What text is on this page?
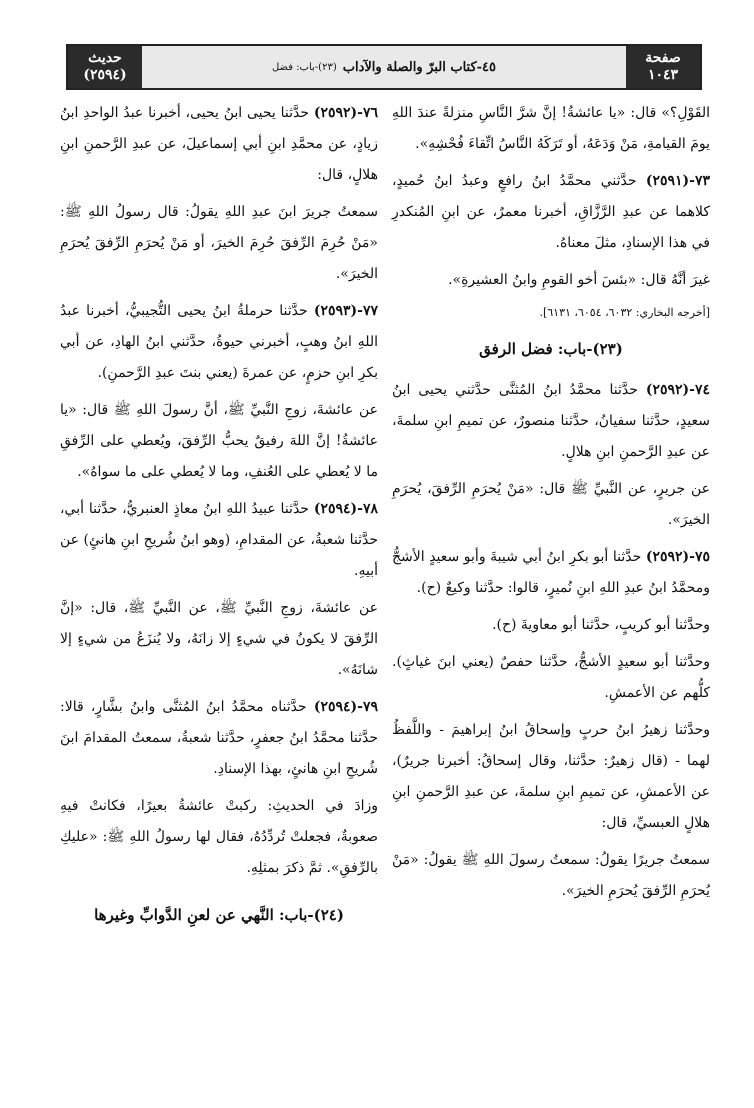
صفحة
١٠٤٣
٤٥-كتاب البرّ والصلة والآداب
(٢٣)-باب: فضل
حديث
(٢٥٩٤)

القَوْلِ؟» قال: «يا عائشةُ! إنَّ شرَّ النَّاسِ منزلةً عندَ اللهِ يومَ القيامةِ، مَنْ وَدَعَهُ، أو تَرَكَهُ النَّاسُ اتِّقاءَ فُحْشِهِ».

٧٣-(٢٥٩١) حدَّثني محمَّدُ ابنُ رافعٍ وعبدُ ابنُ حُميدٍ، كلاهما عن عبدِ الرَّزَّاقِ، أخبرنا معمرٌ، عن ابنِ المُنكدرِ في هذا الإسنادِ، مثلَ معناهُ.

غيرَ أنَّهُ قال: «بئسَ أخو القومِ وابنُ العشيرةِ».

[أخرجه البخاري: ٦٠٣٢، ٦٠٥٤، ٦١٣١].

(٢٣)-باب: فضل الرفق

٧٤-(٢٥٩٢) حدَّثنا محمَّدُ ابنُ المُثنَّى حدَّثني يحيى ابنُ سعيدٍ، حدَّثنا سفيانُ، حدَّثنا منصورٌ، عن تميمِ ابنِ سلمةَ، عن عبدِ الرَّحمنِ ابنِ هلالٍ.

عن جريرٍ، عن النَّبيِّ ﷺ قال: «مَنْ يُحرَمِ الرِّفقَ، يُحرَمِ الخيرَ».

٧٥-(٢٥٩٢) حدَّثنا أبو بكرِ ابنُ أبي شيبةَ وأبو سعيدٍ الأشجُّ ومحمَّدُ ابنُ عبدِ اللهِ ابنِ نُميرٍ، قالوا: حدَّثنا وكيعٌ (ح).

وحدَّثنا أبو كريبٍ، حدَّثنا أبو معاويةَ (ح).

وحدَّثنا أبو سعيدٍ الأشجُّ، حدَّثنا حفصٌ (يعني ابنَ غياثٍ). كلُّهم عن الأعمشِ.

وحدَّثنا زهيرُ ابنُ حربٍ وإسحاقُ ابنُ إبراهيمَ - واللَّفظُ لهما - (قال زهيرٌ: حدَّثنا، وقال إسحاقُ: أخبرنا جريرٌ)، عن الأعمشِ، عن تميمِ ابنِ سلمةَ، عن عبدِ الرَّحمنِ ابنِ هلالٍ العبسيِّ، قال:

سمعتُ جريرًا يقولُ: سمعتُ رسولَ اللهِ ﷺ يقولُ: «مَنْ يُحرَمِ الرِّفقَ يُحرَمِ الخيرَ».

٧٦-(٢٥٩٢) حدَّثنا يحيى ابنُ يحيى، أخبرنا عبدُ الواحدِ ابنُ زيادٍ، عن محمَّدِ ابنِ أبي إسماعيلَ، عن عبدِ الرَّحمنِ ابنِ هلالٍ، قال:

سمعتُ جريرَ ابنَ عبدِ اللهِ يقولُ: قال رسولُ اللهِ ﷺ: «مَنْ حُرِمَ الرِّفقَ حُرِمَ الخيرَ، أو مَنْ يُحرَمِ الرِّفقَ يُحرَمِ الخيرَ».

٧٧-(٢٥٩٣) حدَّثنا حرملةُ ابنُ يحيى التُّجيبيُّ، أخبرنا عبدُ اللهِ ابنُ وهبٍ، أخبرني حيوةُ، حدَّثني ابنُ الهادِ، عن أبي بكرِ ابنِ حزمٍ، عن عمرةَ (يعني بنتَ عبدِ الرَّحمنِ).

عن عائشةَ، زوجِ النَّبيِّ ﷺ، أنَّ رسولَ اللهِ ﷺ قال: «يا عائشةُ! إنَّ اللهَ رفيقٌ يحبُّ الرِّفقَ، ويُعطي على الرِّفقِ ما لا يُعطي على العُنفِ، وما لا يُعطي على ما سواهُ».

٧٨-(٢٥٩٤) حدَّثنا عبيدُ اللهِ ابنُ معاذٍ العنبريُّ، حدَّثنا أبي، حدَّثنا شعبةُ، عن المقدامِ، (وهو ابنُ شُريحِ ابنِ هانئٍ) عن أبيهِ.

عن عائشةَ، زوجِ النَّبيِّ ﷺ، عن النَّبيِّ ﷺ، قال: «إنَّ الرِّفقَ لا يكونُ في شيءٍ إلا زانَهُ، ولا يُنزَعُ من شيءٍ إلا شانَهُ».

٧٩-(٢٥٩٤) حدَّثناه محمَّدُ ابنُ المُثنَّى وابنُ بشَّارٍ، قالا: حدَّثنا محمَّدُ ابنُ جعفرٍ، حدَّثنا شعبةُ، سمعتُ المقدامَ ابنَ شُريحِ ابنِ هانئٍ، بهذا الإسنادِ.

وزادَ في الحديثِ: ركبتْ عائشةُ بعيرًا، فكانتْ فيهِ صعوبةٌ، فجعلتْ تُردِّدُهُ، فقال لها رسولُ اللهِ ﷺ: «عليكِ بالرِّفقِ». ثمَّ ذكرَ بمثلِهِ.

(٢٤)-باب: النَّهي عن لعنِ الدَّوابِّ وغيرها
